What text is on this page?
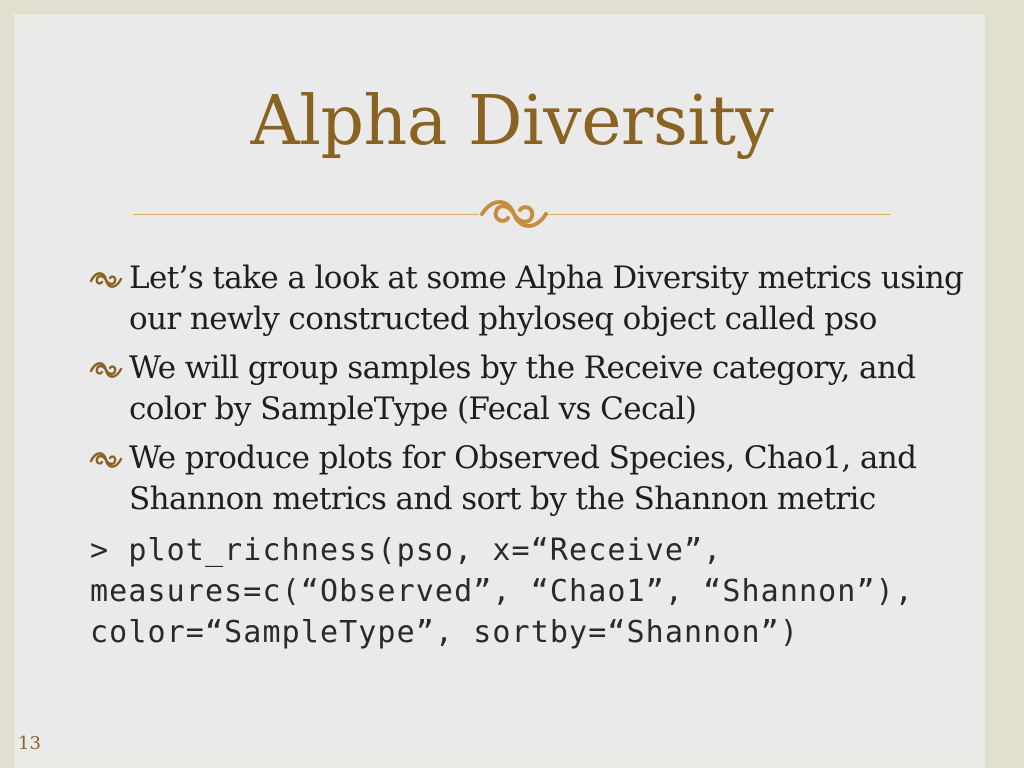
Alpha Diversity
Let’s take a look at some Alpha Diversity metrics using our newly constructed phyloseq object called pso
We will group samples by the Receive category, and color by SampleType (Fecal vs Cecal)
We produce plots for Observed Species, Chao1, and Shannon metrics and sort by the Shannon metric
> plot_richness(pso, x=“Receive”,
measures=c(“Observed”, “Chao1”, “Shannon”),
color=“SampleType”, sortby=“Shannon”)
13
